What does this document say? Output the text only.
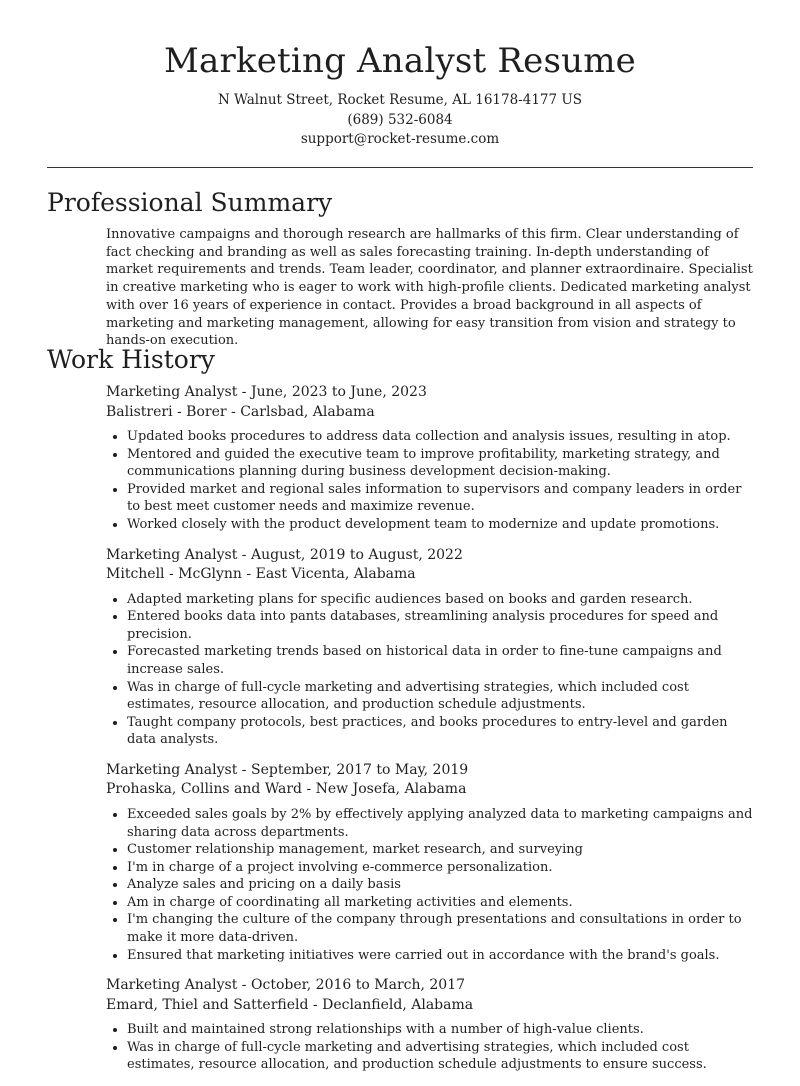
Marketing Analyst Resume
N Walnut Street, Rocket Resume, AL 16178-4177 US
(689) 532-6084
support@rocket-resume.com
Professional Summary

Innovative campaigns and thorough research are hallmarks of this firm. Clear understanding of fact checking and branding as well as sales forecasting training. In-depth understanding of market requirements and trends. Team leader, coordinator, and planner extraordinaire. Specialist in creative marketing who is eager to work with high-profile clients. Dedicated marketing analyst with over 16 years of experience in contact. Provides a broad background in all aspects of marketing and marketing management, allowing for easy transition from vision and strategy to hands-on execution.

Work History
Marketing Analyst - June, 2023 to June, 2023
Balistreri - Borer - Carlsbad, Alabama
• Updated books procedures to address data collection and analysis issues, resulting in atop.
• Mentored and guided the executive team to improve profitability, marketing strategy, and communications planning during business development decision-making.
• Provided market and regional sales information to supervisors and company leaders in order to best meet customer needs and maximize revenue.
• Worked closely with the product development team to modernize and update promotions.
Marketing Analyst - August, 2019 to August, 2022
Mitchell - McGlynn - East Vicenta, Alabama
• Adapted marketing plans for specific audiences based on books and garden research.
• Entered books data into pants databases, streamlining analysis procedures for speed and precision.
• Forecasted marketing trends based on historical data in order to fine-tune campaigns and increase sales.
• Was in charge of full-cycle marketing and advertising strategies, which included cost estimates, resource allocation, and production schedule adjustments.
• Taught company protocols, best practices, and books procedures to entry-level and garden data analysts.
Marketing Analyst - September, 2017 to May, 2019
Prohaska, Collins and Ward - New Josefa, Alabama
• Exceeded sales goals by 2% by effectively applying analyzed data to marketing campaigns and sharing data across departments.
• Customer relationship management, market research, and surveying
• I'm in charge of a project involving e-commerce personalization.
• Analyze sales and pricing on a daily basis
• Am in charge of coordinating all marketing activities and elements.
• I'm changing the culture of the company through presentations and consultations in order to make it more data-driven.
• Ensured that marketing initiatives were carried out in accordance with the brand's goals.
Marketing Analyst - October, 2016 to March, 2017
Emard, Thiel and Satterfield - Declanfield, Alabama
• Built and maintained strong relationships with a number of high-value clients.
• Was in charge of full-cycle marketing and advertising strategies, which included cost estimates, resource allocation, and production schedule adjustments to ensure success.
